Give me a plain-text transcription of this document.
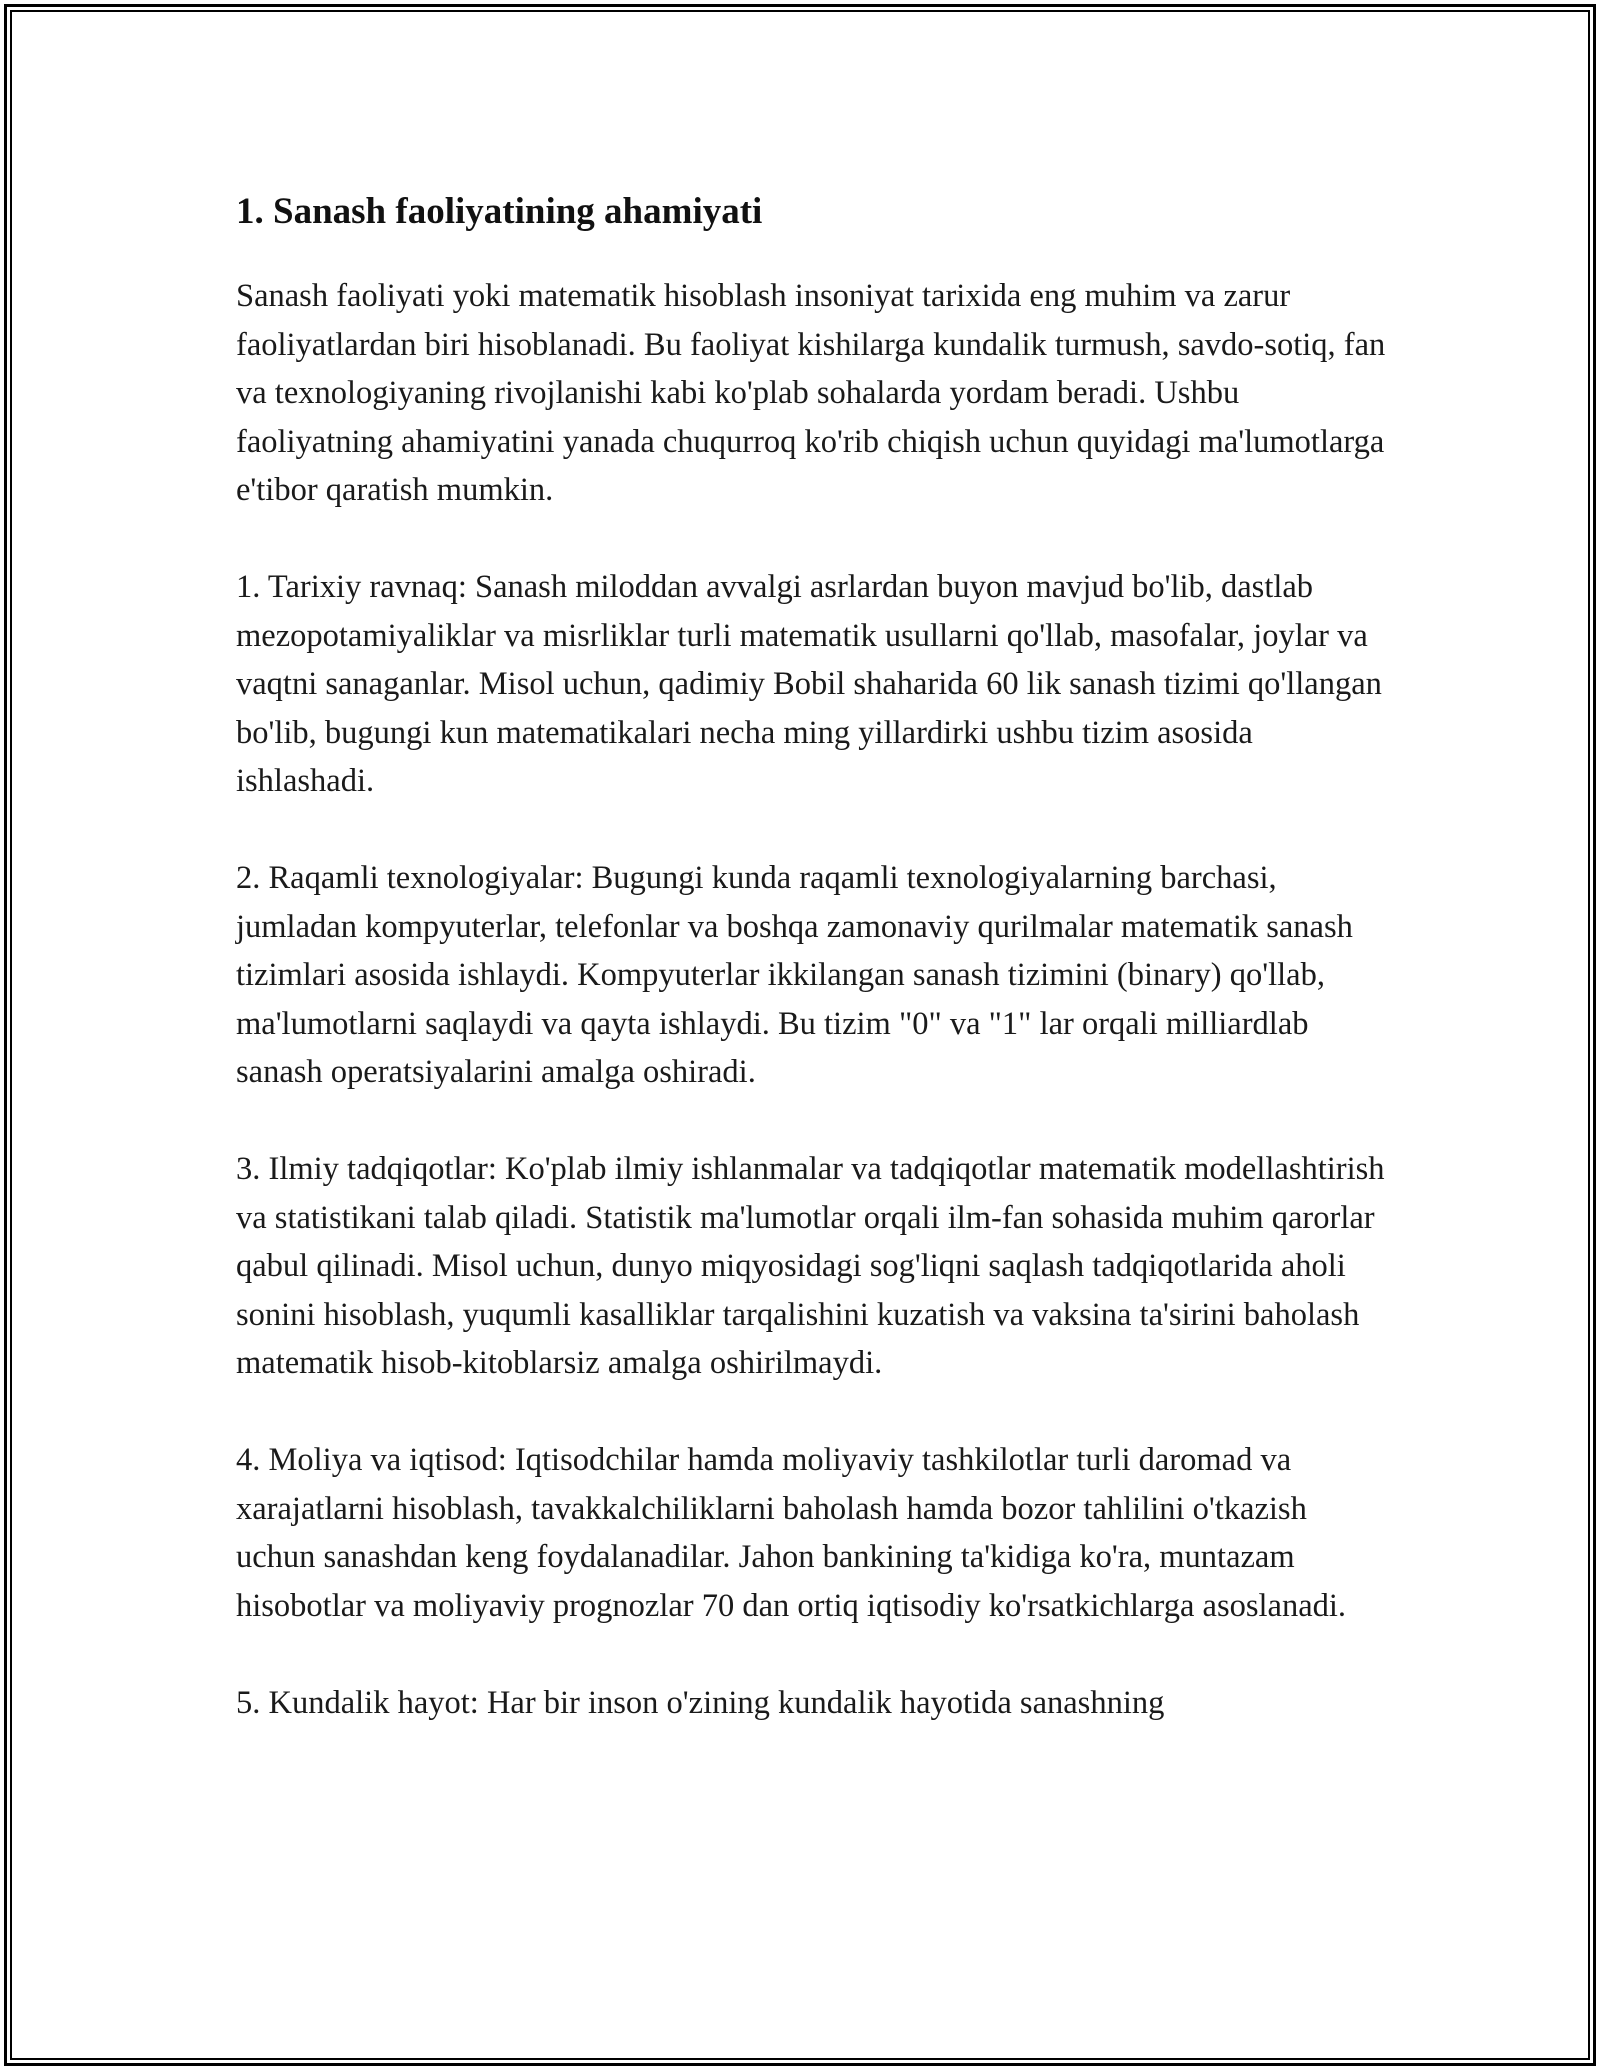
1. Sanash faoliyatining ahamiyati

Sanash faoliyati yoki matematik hisoblash insoniyat tarixida eng muhim va zarur faoliyatlardan biri hisoblanadi. Bu faoliyat kishilarga kundalik turmush, savdo-sotiq, fan va texnologiyaning rivojlanishi kabi ko'plab sohalarda yordam beradi. Ushbu faoliyatning ahamiyatini yanada chuqurroq ko'rib chiqish uchun quyidagi ma'lumotlarga e'tibor qaratish mumkin.

1. Tarixiy ravnaq: Sanash miloddan avvalgi asrlardan buyon mavjud bo'lib, dastlab mezopotamiyaliklar va misrliklar turli matematik usullarni qo'llab, masofalar, joylar va vaqtni sanaganlar. Misol uchun, qadimiy Bobil shaharida 60 lik sanash tizimi qo'llangan bo'lib, bugungi kun matematikalari necha ming yillardirki ushbu tizim asosida ishlashadi.

2. Raqamli texnologiyalar: Bugungi kunda raqamli texnologiyalarning barchasi, jumladan kompyuterlar, telefonlar va boshqa zamonaviy qurilmalar matematik sanash tizimlari asosida ishlaydi. Kompyuterlar ikkilangan sanash tizimini (binary) qo'llab, ma'lumotlarni saqlaydi va qayta ishlaydi. Bu tizim "0" va "1" lar orqali milliardlab sanash operatsiyalarini amalga oshiradi.

3. Ilmiy tadqiqotlar: Ko'plab ilmiy ishlanmalar va tadqiqotlar matematik modellashtirish va statistikani talab qiladi. Statistik ma'lumotlar orqali ilm-fan sohasida muhim qarorlar qabul qilinadi. Misol uchun, dunyo miqyosidagi sog'liqni saqlash tadqiqotlarida aholi sonini hisoblash, yuqumli kasalliklar tarqalishini kuzatish va vaksina ta'sirini baholash matematik hisob-kitoblarsiz amalga oshirilmaydi.

4. Moliya va iqtisod: Iqtisodchilar hamda moliyaviy tashkilotlar turli daromad va xarajatlarni hisoblash, tavakkalchiliklarni baholash hamda bozor tahlilini o'tkazish uchun sanashdan keng foydalanadilar. Jahon bankining ta'kidiga ko'ra, muntazam hisobotlar va moliyaviy prognozlar 70 dan ortiq iqtisodiy ko'rsatkichlarga asoslanadi.

5. Kundalik hayot: Har bir inson o'zining kundalik hayotida sanashning
